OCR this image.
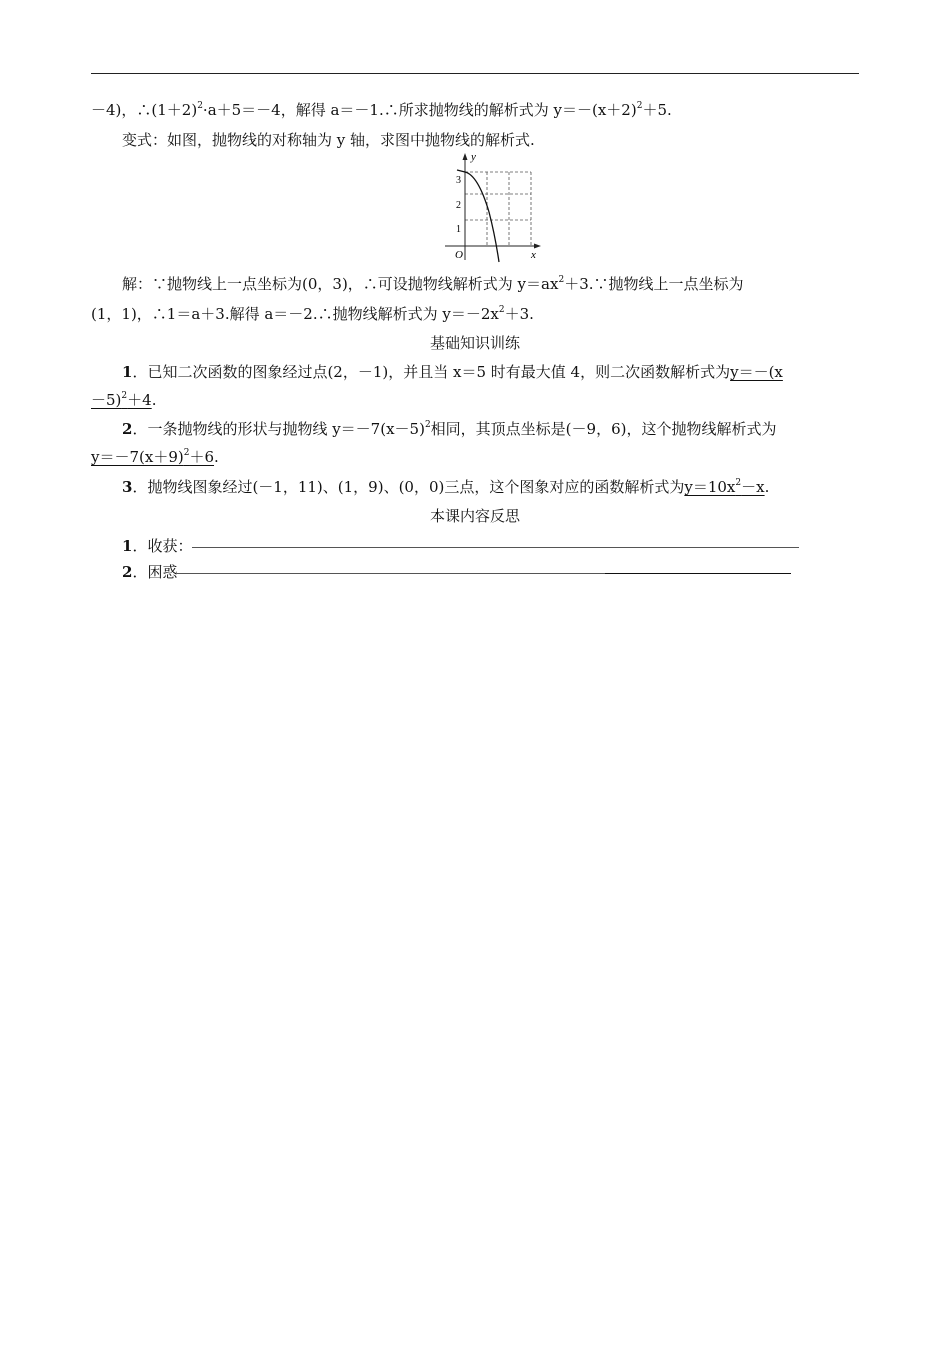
－4)，$\therefore(1+2)^2\cdot a+5=-4$，解得 a＝－1.∴所求抛物线的解析式为 $y=-(x+2)^2+5$.
变式：如图，抛物线的对称轴为 y 轴，求图中抛物线的解析式.
y
x
O
3
2
1
解：∵抛物线上一点坐标为(0，3)，∴可设抛物线解析式为 $y=ax^2+3.\because$抛物线上一点坐标为
(1，1)，∴1＝a＋3.解得 a＝－2.∴抛物线解析式为 $y=-2x^2+3$.
基础知识训练
1．已知二次函数的图象经过点(2，－1)，并且当 x＝5 时有最大值 4，则二次函数解析式为y＝－(x
－5)$^2$＋4.
2．一条抛物线的形状与抛物线 $y=-7(x-5)^2$相同，其顶点坐标是(－9，6)，这个抛物线解析式为
$y=-7(x+9)^2+6$.
3．抛物线图象经过(－1，11)、(1，9)、(0，0)三点，这个图象对应的函数解析式为$y=10x^2-x$.
本课内容反思
1．收获：
2．困惑
